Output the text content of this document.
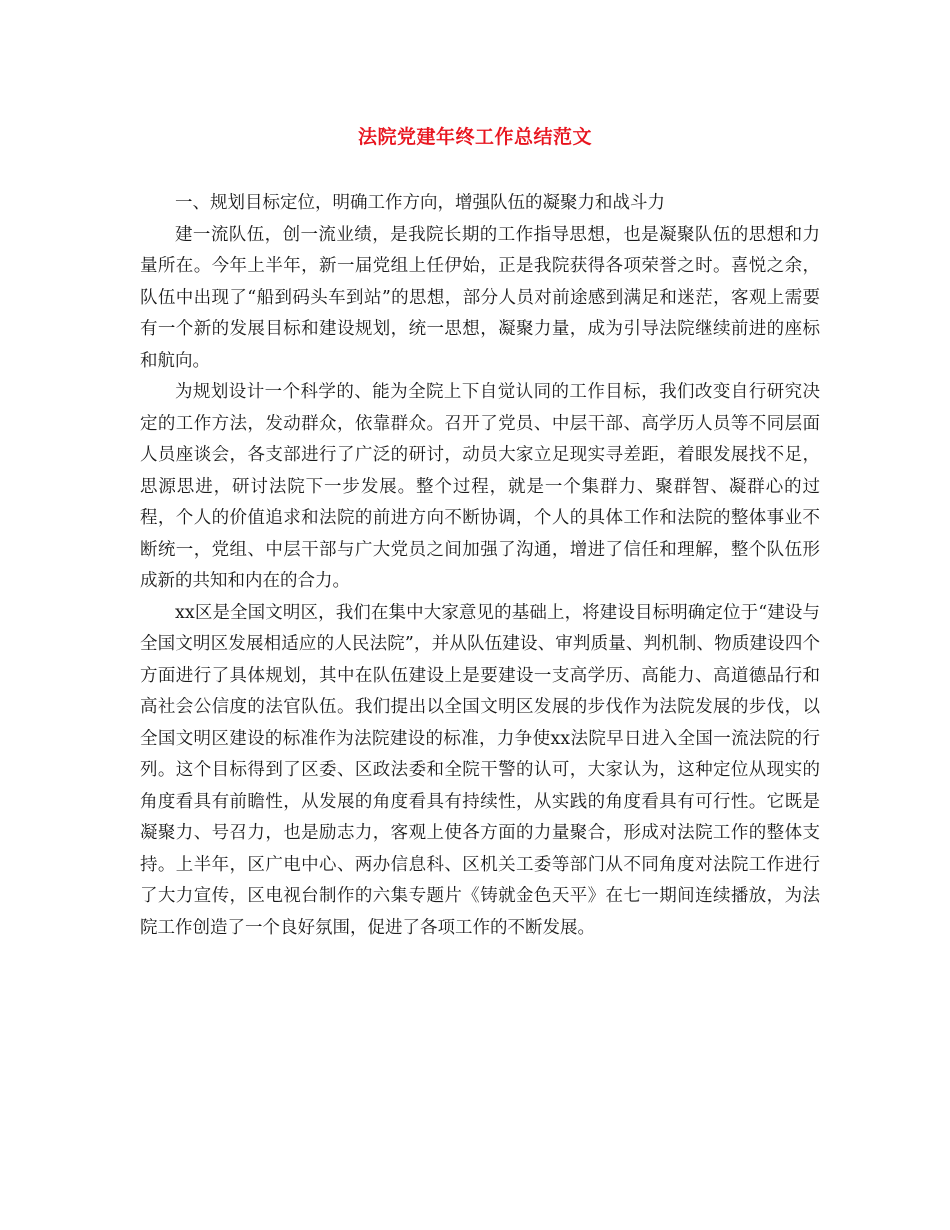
法院党建年终工作总结范文

一、规划目标定位，明确工作方向，增强队伍的凝聚力和战斗力

建一流队伍，创一流业绩，是我院长期的工作指导思想，也是凝聚队伍的思想和力量所在。今年上半年，新一届党组上任伊始，正是我院获得各项荣誉之时。喜悦之余，队伍中出现了“船到码头车到站”的思想，部分人员对前途感到满足和迷茫，客观上需要有一个新的发展目标和建设规划，统一思想，凝聚力量，成为引导法院继续前进的座标和航向。

为规划设计一个科学的、能为全院上下自觉认同的工作目标，我们改变自行研究决定的工作方法，发动群众，依靠群众。召开了党员、中层干部、高学历人员等不同层面人员座谈会，各支部进行了广泛的研讨，动员大家立足现实寻差距，着眼发展找不足，思源思进，研讨法院下一步发展。整个过程，就是一个集群力、聚群智、凝群心的过程，个人的价值追求和法院的前进方向不断协调，个人的具体工作和法院的整体事业不断统一，党组、中层干部与广大党员之间加强了沟通，增进了信任和理解，整个队伍形成新的共知和内在的合力。

xx区是全国文明区，我们在集中大家意见的基础上，将建设目标明确定位于“建设与全国文明区发展相适应的人民法院”，并从队伍建设、审判质量、判机制、物质建设四个方面进行了具体规划，其中在队伍建设上是要建设一支高学历、高能力、高道德品行和高社会公信度的法官队伍。我们提出以全国文明区发展的步伐作为法院发展的步伐，以全国文明区建设的标准作为法院建设的标准，力争使xx法院早日进入全国一流法院的行列。这个目标得到了区委、区政法委和全院干警的认可，大家认为，这种定位从现实的角度看具有前瞻性，从发展的角度看具有持续性，从实践的角度看具有可行性。它既是凝聚力、号召力，也是励志力，客观上使各方面的力量聚合，形成对法院工作的整体支持。上半年，区广电中心、两办信息科、区机关工委等部门从不同角度对法院工作进行了大力宣传，区电视台制作的六集专题片《铸就金色天平》在七一期间连续播放，为法院工作创造了一个良好氛围，促进了各项工作的不断发展。
